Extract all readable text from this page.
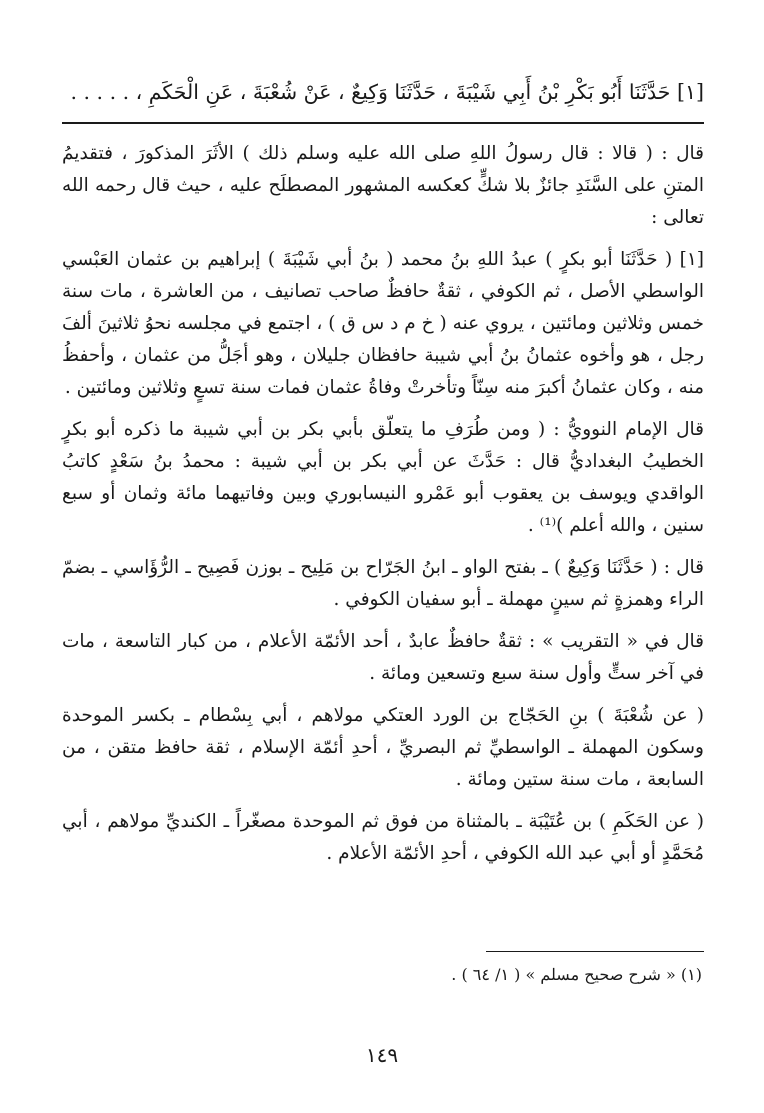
[١] حَدَّثَنَا أَبُو بَكْرِ بْنُ أَبِي شَيْبَةَ ، حَدَّثَنَا وَكِيعٌ ، عَنْ شُعْبَةَ ، عَنِ الْحَكَمِ ، . . . . .

قال : ( قالا : قال رسولُ اللهِ صلى الله عليه وسلم ذلك ) الأثَرَ المذكورَ ، فتقديمُ المتنِ على السَّنَدِ جائزٌ بلا شكٍّ كعكسه المشهور المصطلَح عليه ، حيث قال رحمه الله تعالى :

[١] ( حَدَّثَنَا أبو بكرٍ ) عبدُ اللهِ بنُ محمد ( بنُ أبي شَيْبَةَ ) إبراهيم بن عثمان العَبْسي الواسطي الأصل ، ثم الكوفي ، ثقةٌ حافظٌ صاحب تصانيف ، من العاشرة ، مات سنة خمس وثلاثين ومائتين ، يروي عنه ( خ م د س ق ) ، اجتمع في مجلسه نحوُ ثلاثينَ ألفَ رجل ، هو وأخوه عثمانُ بنُ أبي شيبة حافظان جليلان ، وهو أجَلُّ من عثمان ، وأحفظُ منه ، وكان عثمانُ أكبرَ منه سِنّاً وتأخرتْ وفاةُ عثمان فمات سنة تسعٍ وثلاثين ومائتين .

قال الإمام النوويُّ : ( ومن طُرَفِ ما يتعلّق بأبي بكر بن أبي شيبة ما ذكره أبو بكرٍ الخطيبُ البغداديُّ قال : حَدَّثَ عن أبي بكر بن أبي شيبة : محمدُ بنُ سَعْدٍ كاتبُ الواقدي ويوسف بن يعقوب أبو عَمْرو النيسابوري وبين وفاتيهما مائة وثمان أو سبع سنين ، والله أعلم )⁽¹⁾ .

قال : ( حَدَّثَنَا وَكِيعٌ ) ـ بفتح الواو ـ ابنُ الجَرّاح بن مَلِيح ـ بوزن فَصِيح ـ الرُّؤَاسي ـ بضمّ الراء وهمزةٍ ثم سينٍ مهملة ـ أبو سفيان الكوفي .

قال في « التقريب » : ثقةٌ حافظٌ عابدٌ ، أحد الأئمّة الأعلام ، من كبار التاسعة ، مات في آخر ستٍّ وأول سنة سبع وتسعين ومائة .

( عن شُعْبَةَ ) بنِ الحَجّاج بن الورد العتكي مولاهم ، أبي بِسْطام ـ بكسر الموحدة وسكون المهملة ـ الواسطيِّ ثم البصريِّ ، أحدِ أئمّة الإسلام ، ثقة حافظ متقن ، من السابعة ، مات سنة ستين ومائة .

( عن الحَكَمِ ) بن عُتَيْبَة ـ بالمثناة من فوق ثم الموحدة مصغّراً ـ الكنديِّ مولاهم ، أبي مُحَمَّدٍ أو أبي عبد الله الكوفي ، أحدِ الأئمّة الأعلام .

(١) « شرح صحيح مسلم » ( ١/ ٦٤ ) .
١٤٩
